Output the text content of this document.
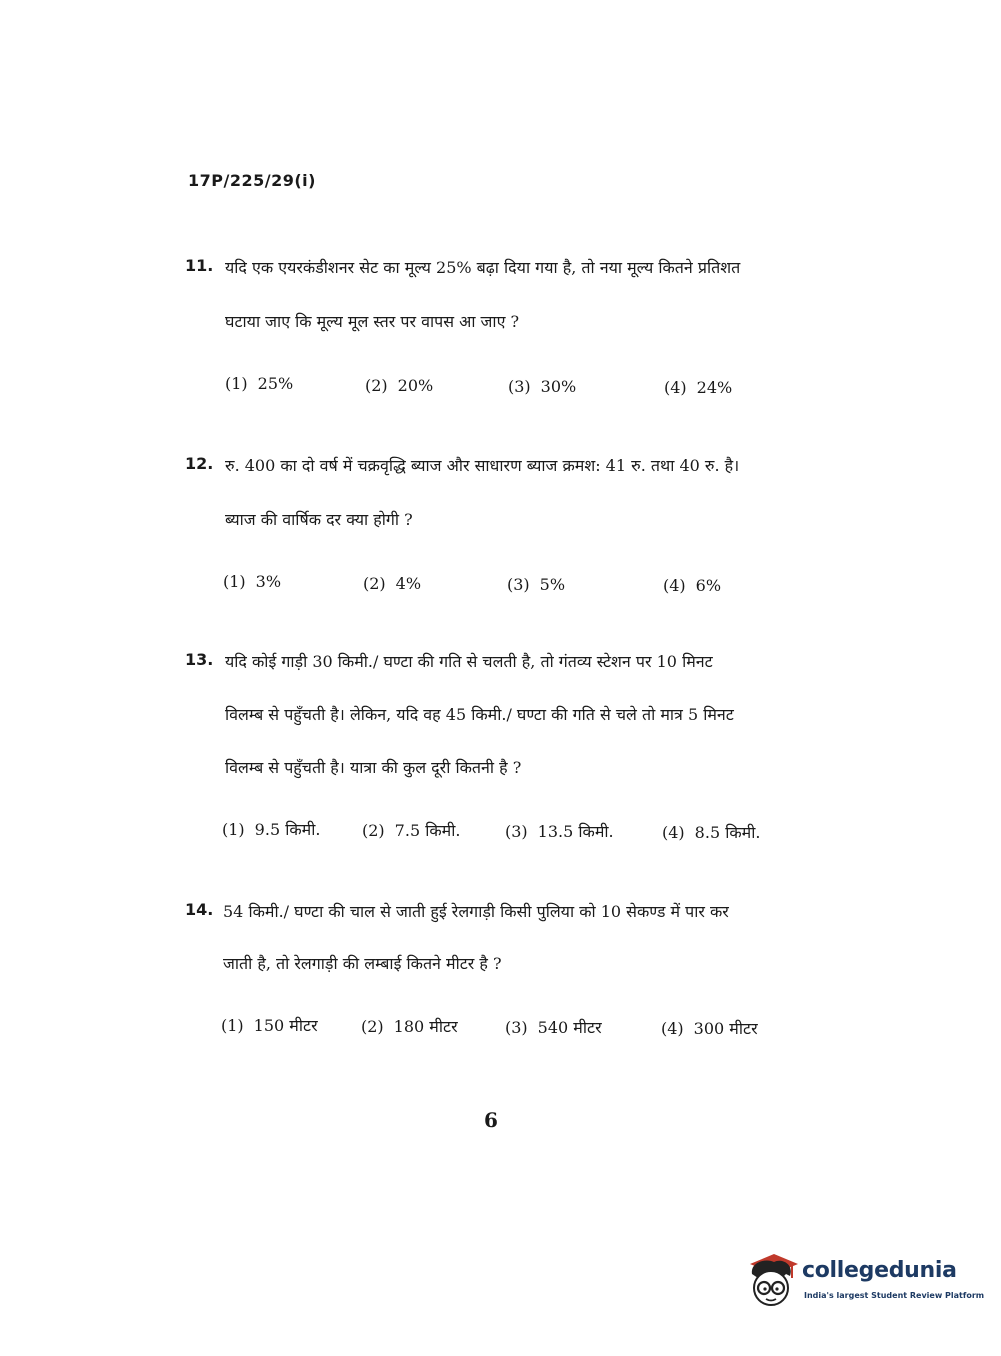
17P/225/29(i)
11. यदि एक एयरकंडीशनर सेट का मूल्य 25% बढ़ा दिया गया है, तो नया मूल्य कितने प्रतिशत
घटाया जाए कि मूल्य मूल स्तर पर वापस आ जाए ?
(1) 25%	(2) 20%	(3) 30%	(4) 24%
12. रु. 400 का दो वर्ष में चक्रवृद्धि ब्याज और साधारण ब्याज क्रमश: 41 रु. तथा 40 रु. है।
ब्याज की वार्षिक दर क्या होगी ?
(1) 3%	(2) 4%	(3) 5%	(4) 6%
13. यदि कोई गाड़ी 30 किमी./ घण्टा की गति से चलती है, तो गंतव्य स्टेशन पर 10 मिनट
विलम्ब से पहुँचती है। लेकिन, यदि वह 45 किमी./ घण्टा की गति से चले तो मात्र 5 मिनट
विलम्ब से पहुँचती है। यात्रा की कुल दूरी कितनी है ?
(1) 9.5 किमी.	(2) 7.5 किमी.	(3) 13.5 किमी.	(4) 8.5 किमी.
14. 54 किमी./ घण्टा की चाल से जाती हुई रेलगाड़ी किसी पुलिया को 10 सेकण्ड में पार कर
जाती है, तो रेलगाड़ी की लम्बाई कितने मीटर है ?
(1) 150 मीटर	(2) 180 मीटर	(3) 540 मीटर	(4) 300 मीटर
6
collegedunia
India's largest Student Review Platform
